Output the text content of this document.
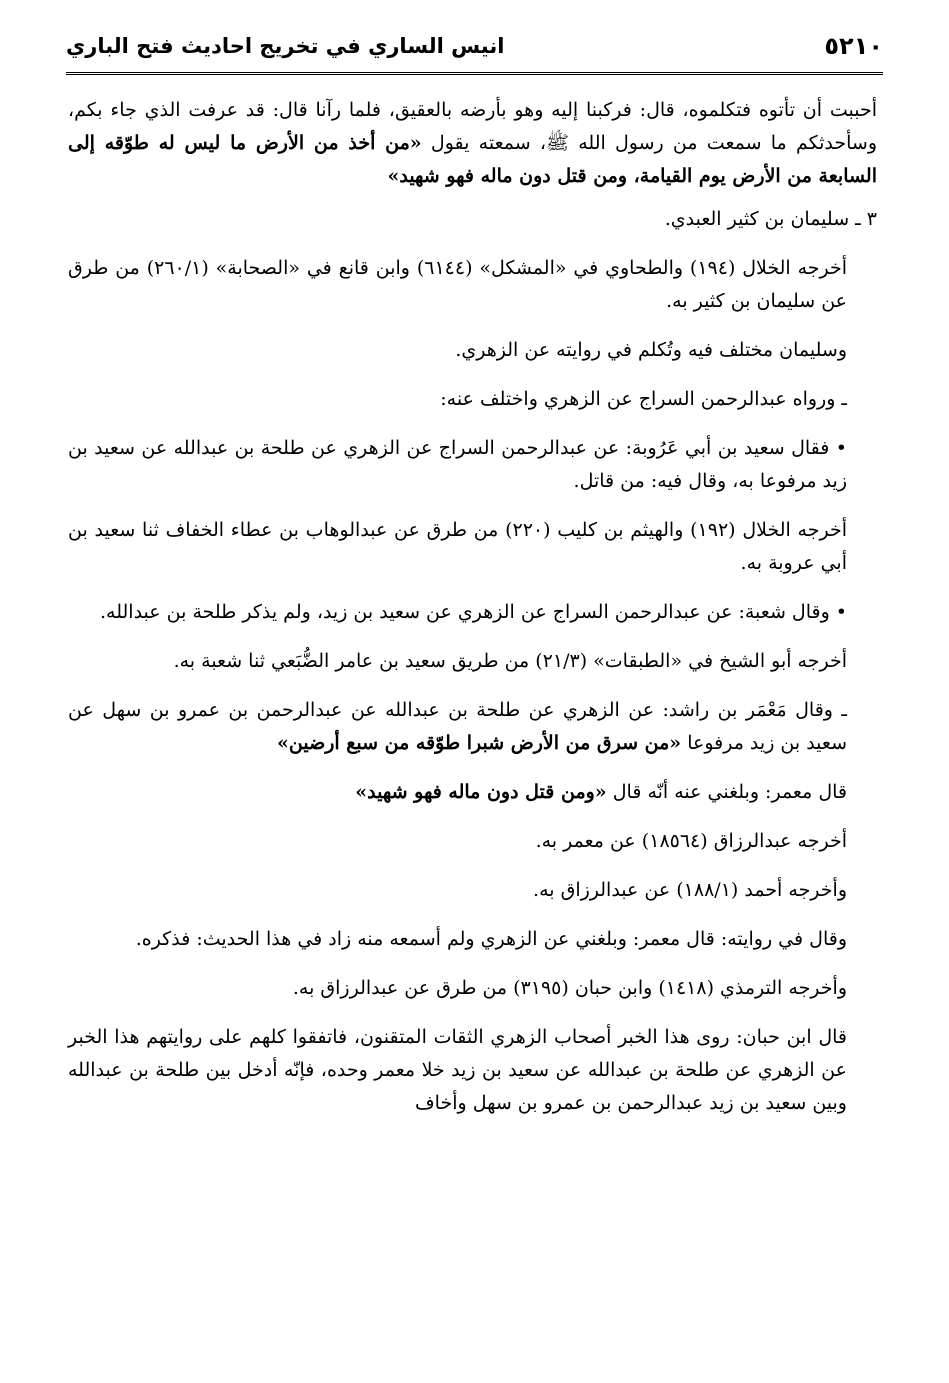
٥٢١٠
انيس الساري في تخريج احاديث فتح الباري

أحببت أن تأتوه فتكلموه، قال: فركبنا إليه وهو بأرضه بالعقيق، فلما رآنا قال: قد عرفت الذي جاء بكم، وسأحدثكم ما سمعت من رسول الله ﷺ، سمعته يقول «من أخذ من الأرض ما ليس له طوّقه إلى السابعة من الأرض يوم القيامة، ومن قتل دون ماله فهو شهيد»

٣ ـ سليمان بن كثير العبدي.

أخرجه الخلال (١٩٤) والطحاوي في «المشكل» (٦١٤٤) وابن قانع في «الصحابة» (٢٦٠/١) من طرق عن سليمان بن كثير به.

وسليمان مختلف فيه وتُكلم في روايته عن الزهري.

ـ ورواه عبدالرحمن السراج عن الزهري واختلف عنه:

• فقال سعيد بن أبي عَرُوبة: عن عبدالرحمن السراج عن الزهري عن طلحة بن عبدالله عن سعيد بن زيد مرفوعا به، وقال فيه: من قاتل.

أخرجه الخلال (١٩٢) والهيثم بن كليب (٢٢٠) من طرق عن عبدالوهاب بن عطاء الخفاف ثنا سعيد بن أبي عروبة به.

• وقال شعبة: عن عبدالرحمن السراج عن الزهري عن سعيد بن زيد، ولم يذكر طلحة بن عبدالله.

أخرجه أبو الشيخ في «الطبقات» (٢١/٣) من طريق سعيد بن عامر الضُّبَعي ثنا شعبة به.

ـ وقال مَعْمَر بن راشد: عن الزهري عن طلحة بن عبدالله عن عبدالرحمن بن عمرو بن سهل عن سعيد بن زيد مرفوعا «من سرق من الأرض شبرا طوّقه من سبع أرضين»

قال معمر: وبلغني عنه أنّه قال «ومن قتل دون ماله فهو شهيد»

أخرجه عبدالرزاق (١٨٥٦٤) عن معمر به.

وأخرجه أحمد (١٨٨/١) عن عبدالرزاق به.

وقال في روايته: قال معمر: وبلغني عن الزهري ولم أسمعه منه زاد في هذا الحديث: فذكره.

وأخرجه الترمذي (١٤١٨) وابن حبان (٣١٩٥) من طرق عن عبدالرزاق به.

قال ابن حبان: روى هذا الخبر أصحاب الزهري الثقات المتقنون، فاتفقوا كلهم على روايتهم هذا الخبر عن الزهري عن طلحة بن عبدالله عن سعيد بن زيد خلا معمر وحده، فإنّه أدخل بين طلحة بن عبدالله وبين سعيد بن زيد عبدالرحمن بن عمرو بن سهل وأخاف
